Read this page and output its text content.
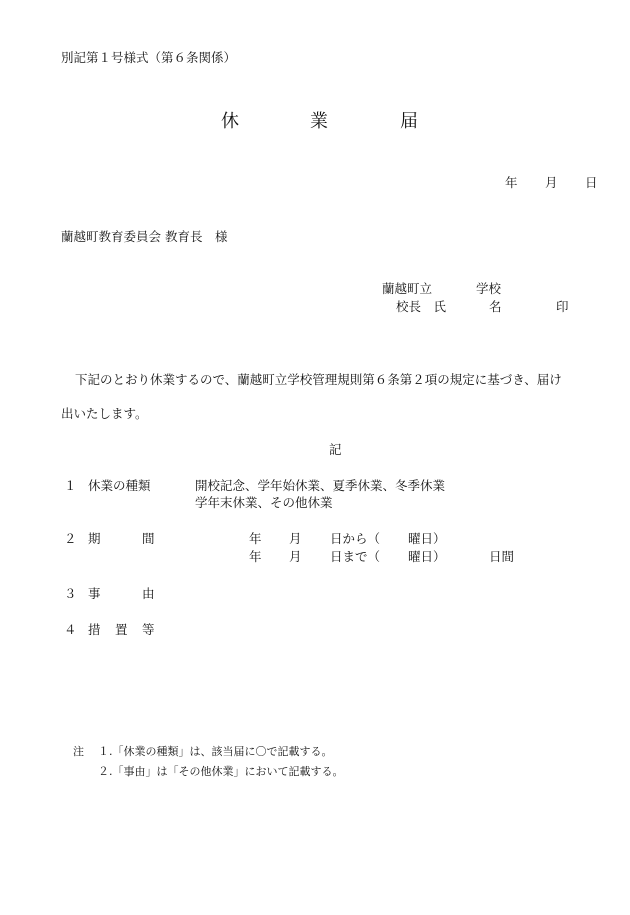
別記第１号様式（第６条関係）
休	業	届
年 月 日
蘭越町教育委員会 教育長　様
蘭越町立	学校
校長　氏	名	印
下記のとおり休業するので、蘭越町立学校管理規則第６条第２項の規定に基づき、届け
出いたします。
記
１ 休業の種類	開校記念、学年始休業、夏季休業、冬季休業
学年末休業、その他休業
２ 期	間	年 月 日から（ 曜日）
年 月 日まで（ 曜日）	日間
３ 事	由
４ 措 置 等
注 １.「休業の種類」は、該当届に〇で記載する。
２.「事由」は「その他休業」において記載する。
